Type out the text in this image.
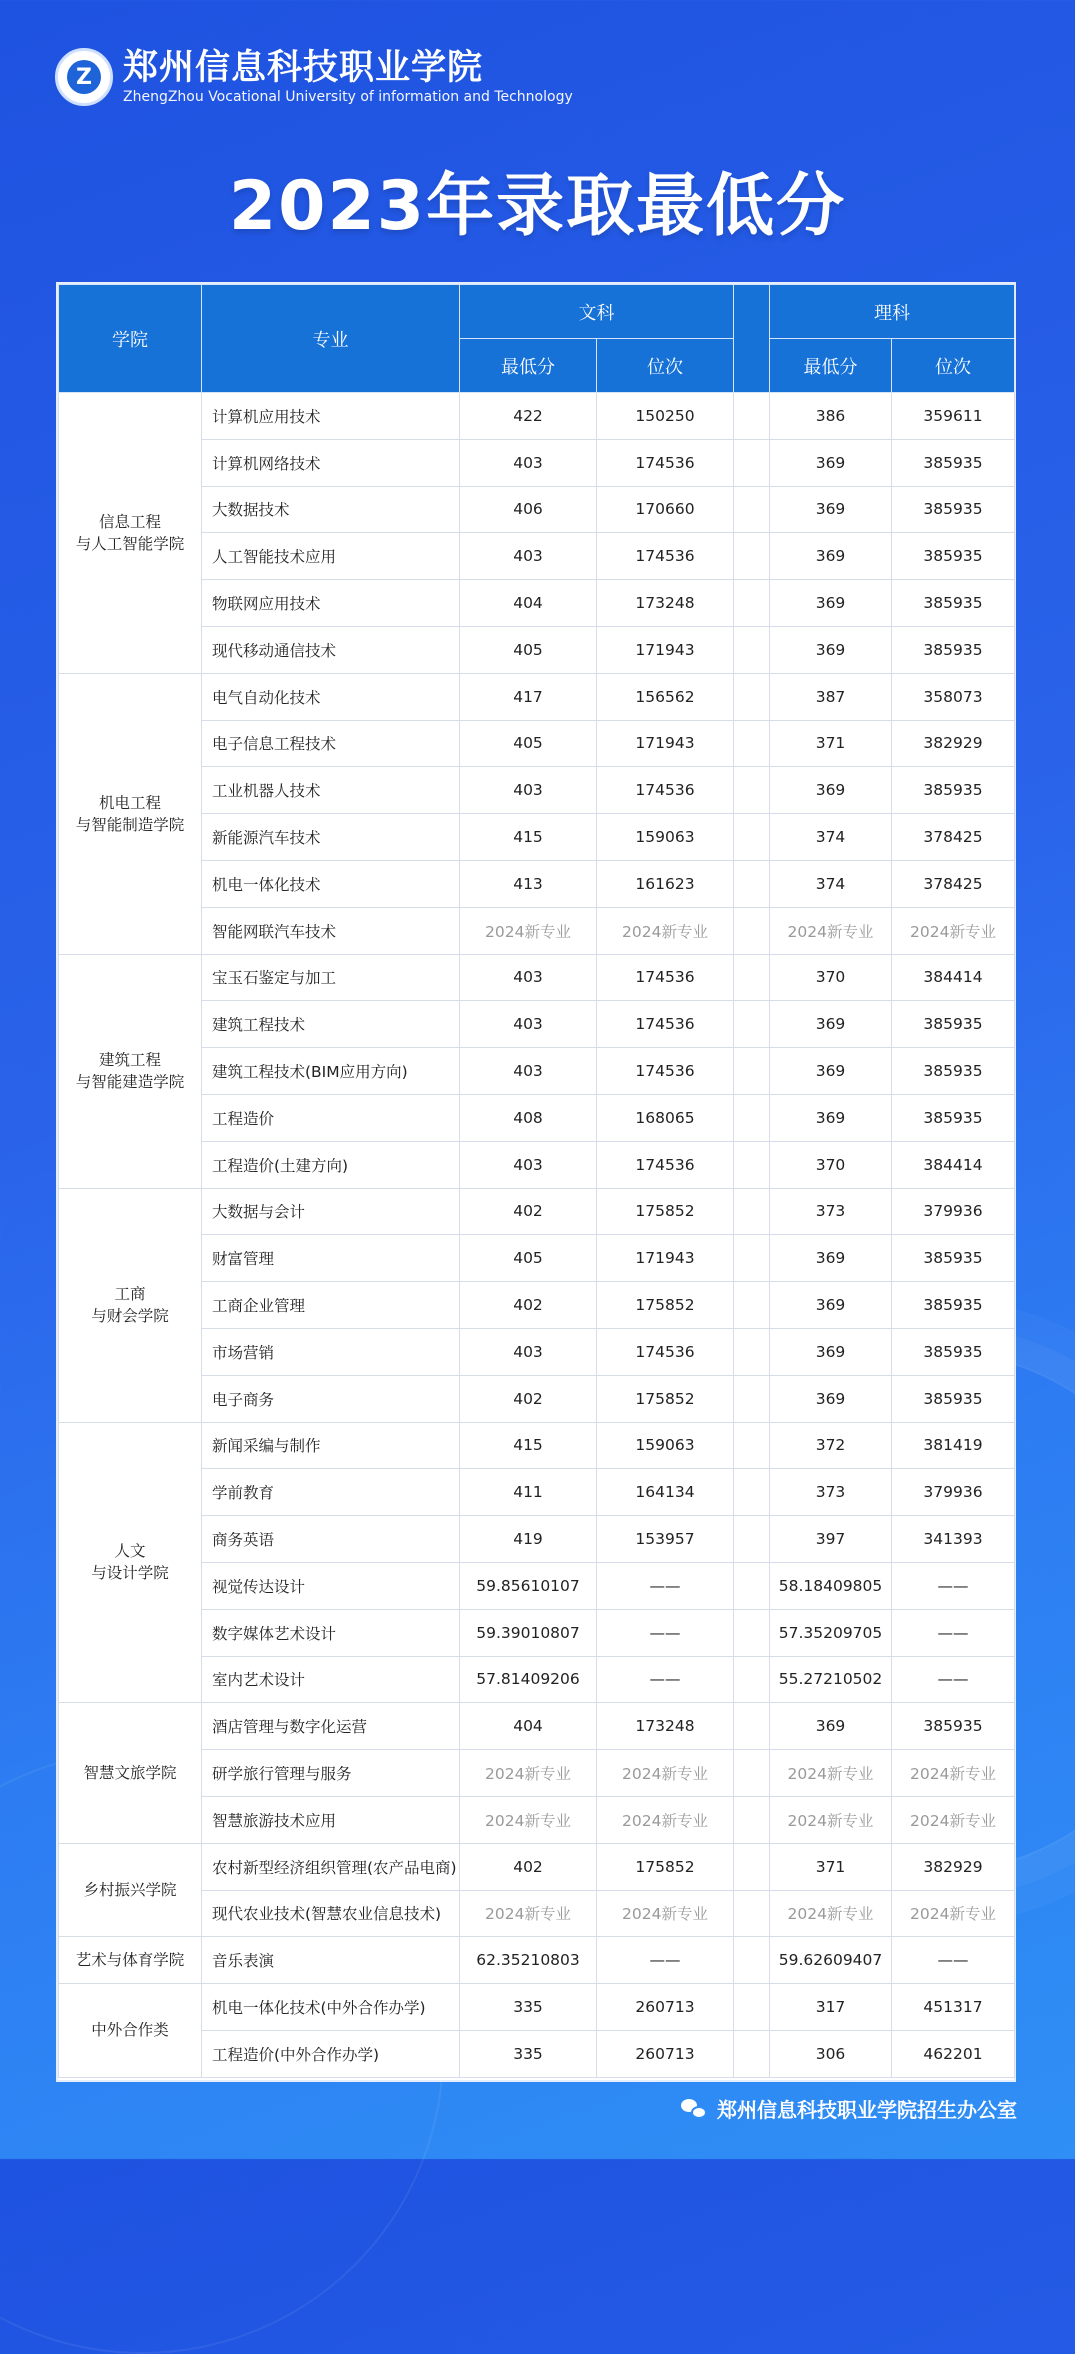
Z
郑州信息科技职业学院
ZhengZhou Vocational University of information and Technology
2023年录取最低分
学院	专业	文科			理科	
		最低分	位次		最低分	位次
信息工程
与人工智能学院	计算机应用技术	422	150250		386	359611
	计算机网络技术	403	174536		369	385935
	大数据技术	406	170660		369	385935
	人工智能技术应用	403	174536		369	385935
	物联网应用技术	404	173248		369	385935
	现代移动通信技术	405	171943		369	385935
机电工程
与智能制造学院	电气自动化技术	417	156562		387	358073
	电子信息工程技术	405	171943		371	382929
	工业机器人技术	403	174536		369	385935
	新能源汽车技术	415	159063		374	378425
	机电一体化技术	413	161623		374	378425
	智能网联汽车技术	2024新专业	2024新专业		2024新专业	2024新专业
建筑工程
与智能建造学院	宝玉石鉴定与加工	403	174536		370	384414
	建筑工程技术	403	174536		369	385935
	建筑工程技术(BIM应用方向)	403	174536		369	385935
	工程造价	408	168065		369	385935
	工程造价(土建方向)	403	174536		370	384414
工商
与财会学院	大数据与会计	402	175852		373	379936
	财富管理	405	171943		369	385935
	工商企业管理	402	175852		369	385935
	市场营销	403	174536		369	385935
	电子商务	402	175852		369	385935
人文
与设计学院	新闻采编与制作	415	159063		372	381419
	学前教育	411	164134		373	379936
	商务英语	419	153957		397	341393
	视觉传达设计	59.85610107	——		58.18409805	——
	数字媒体艺术设计	59.39010807	——		57.35209705	——
	室内艺术设计	57.81409206	——		55.27210502	——
智慧文旅学院	酒店管理与数字化运营	404	173248		369	385935
	研学旅行管理与服务	2024新专业	2024新专业		2024新专业	2024新专业
	智慧旅游技术应用	2024新专业	2024新专业		2024新专业	2024新专业
乡村振兴学院	农村新型经济组织管理(农产品电商)	402	175852		371	382929
	现代农业技术(智慧农业信息技术)	2024新专业	2024新专业		2024新专业	2024新专业
艺术与体育学院	音乐表演	62.35210803	——		59.62609407	——
中外合作类	机电一体化技术(中外合作办学)	335	260713		317	451317
	工程造价(中外合作办学)	335	260713		306	462201
郑州信息科技职业学院招生办公室
